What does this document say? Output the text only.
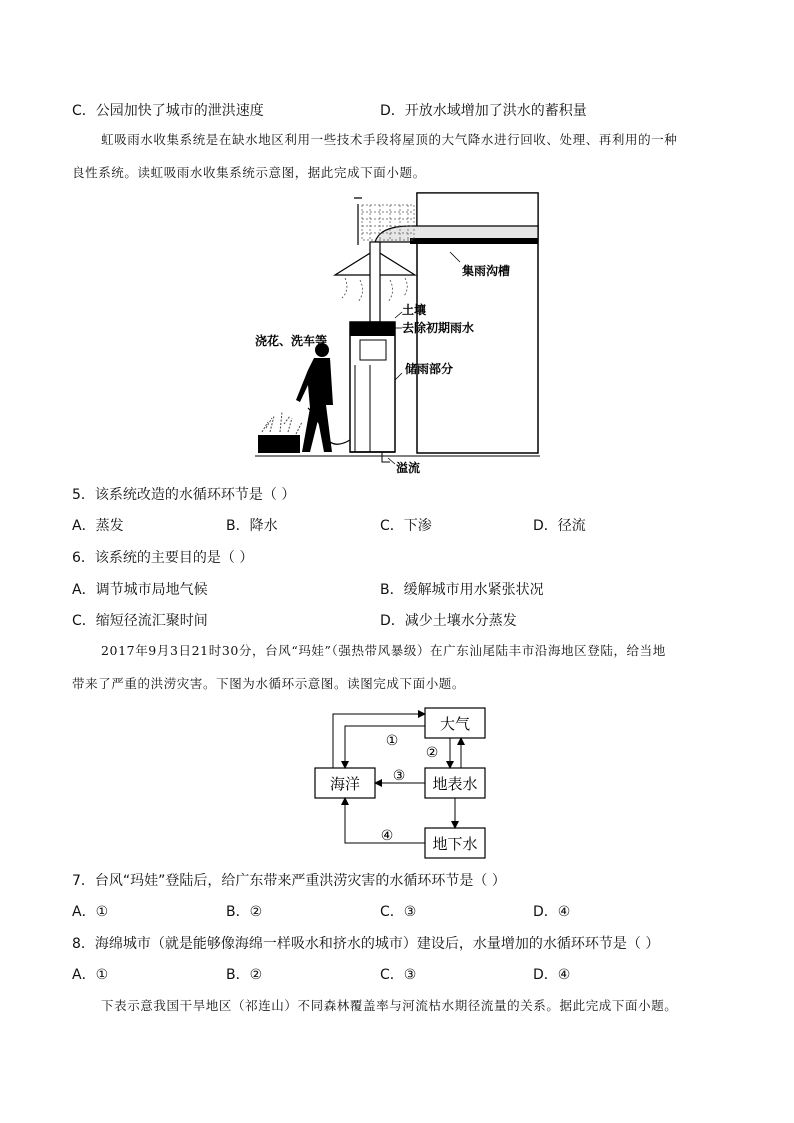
C．公园加快了城市的泄洪速度	D．开放水域增加了洪水的蓄积量
虹吸雨水收集系统是在缺水地区利用一些技术手段将屋顶的大气降水进行回收、处理、再利用的一种
良性系统。读虹吸雨水收集系统示意图，据此完成下面小题。
集雨沟槽
土壤
去除初期雨水
储雨部分
溢流
浇花、洗车等
5．该系统改造的水循环环节是（ ）
A．蒸发	B．降水	C．下渗	D．径流
6．该系统的主要目的是（ ）
A．调节城市局地气候	B．缓解城市用水紧张状况
C．缩短径流汇聚时间	D．减少土壤水分蒸发
2017年9月3日21时30分，台风“玛娃”（强热带风暴级）在广东汕尾陆丰市沿海地区登陆，给当地
带来了严重的洪涝灾害。下图为水循环示意图。读图完成下面小题。
大气
海洋	地表水
地下水
①
②
③
④
7．台风“玛娃”登陆后，给广东带来严重洪涝灾害的水循环环节是（ ）
A．①	B．②	C．③	D．④
8．海绵城市（就是能够像海绵一样吸水和挤水的城市）建设后，水量增加的水循环环节是（ ）
A．①	B．②	C．③	D．④
下表示意我国干旱地区（祁连山）不同森林覆盖率与河流枯水期径流量的关系。据此完成下面小题。
